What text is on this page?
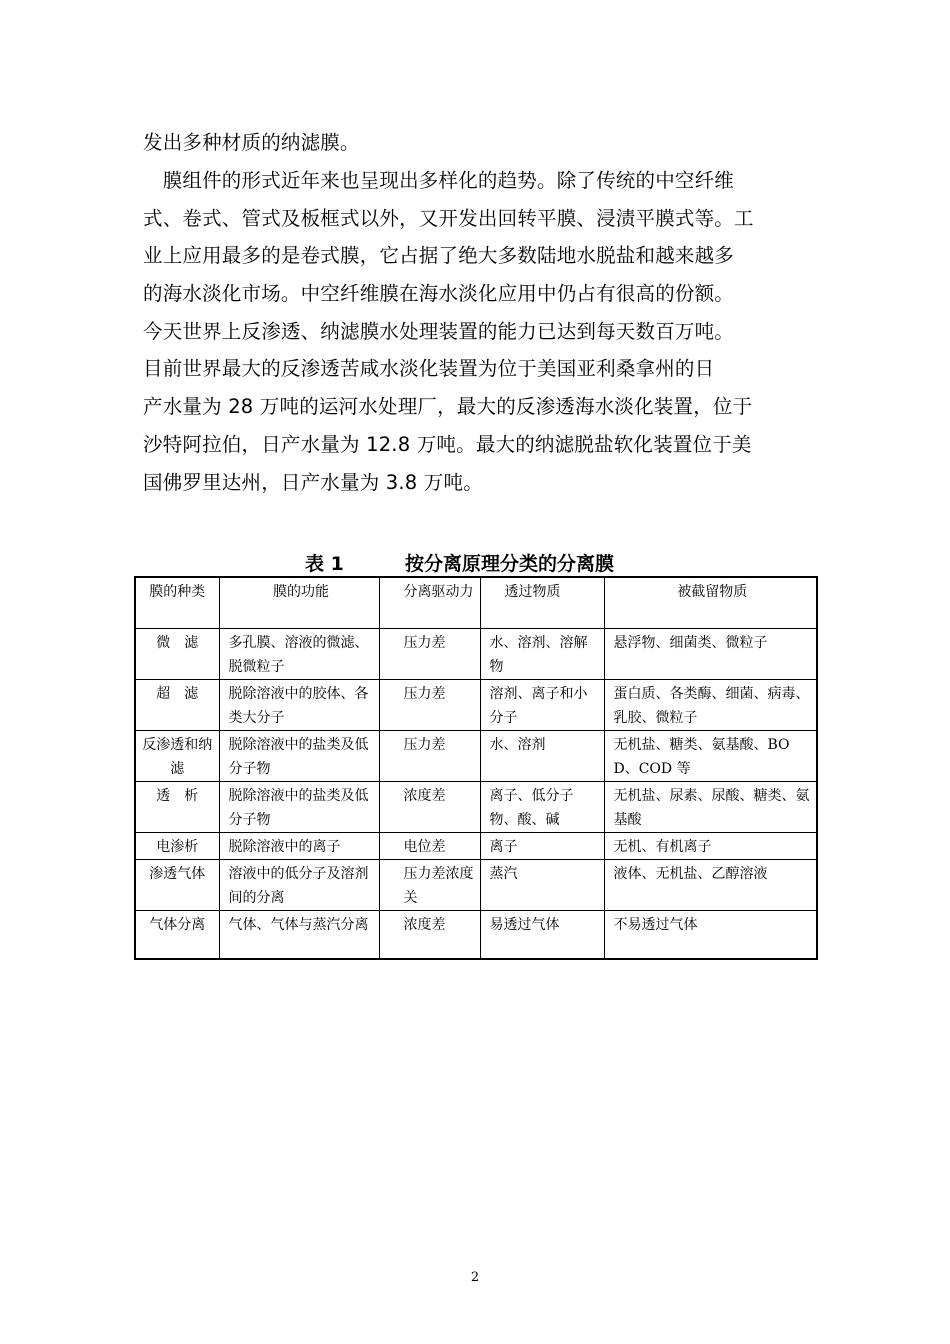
发出多种材质的纳滤膜。
　膜组件的形式近年来也呈现出多样化的趋势。除了传统的中空纤维
式、卷式、管式及板框式以外，又开发出回转平膜、浸渍平膜式等。工
业上应用最多的是卷式膜，它占据了绝大多数陆地水脱盐和越来越多
的海水淡化市场。中空纤维膜在海水淡化应用中仍占有很高的份额。
今天世界上反渗透、纳滤膜水处理装置的能力已达到每天数百万吨。
目前世界最大的反渗透苦咸水淡化装置为位于美国亚利桑拿州的日
产水量为 28 万吨的运河水处理厂，最大的反渗透海水淡化装置，位于
沙特阿拉伯，日产水量为 12.8 万吨。最大的纳滤脱盐软化装置位于美
国佛罗里达州，日产水量为 3.8 万吨。
表 1	按分离原理分类的分离膜
膜的种类	膜的功能	分离驱动力	透过物质	被截留物质
微　滤	多孔膜、溶液的微滤、脱微粒子	压力差	水、溶剂、溶解物	悬浮物、细菌类、微粒子
超　滤	脱除溶液中的胶体、各类大分子	压力差	溶剂、离子和小分子	蛋白质、各类酶、细菌、病毒、乳胶、微粒子
反渗透和纳滤	脱除溶液中的盐类及低分子物	压力差	水、溶剂	无机盐、糖类、氨基酸、BOD、COD 等
透　析	脱除溶液中的盐类及低分子物	浓度差	离子、低分子物、酸、碱	无机盐、尿素、尿酸、糖类、氨基酸
电渗析	脱除溶液中的离子	电位差	离子	无机、有机离子
渗透气体	溶液中的低分子及溶剂间的分离	压力差浓度关	蒸汽	液体、无机盐、乙醇溶液
气体分离	气体、气体与蒸汽分离	浓度差	易透过气体	不易透过气体
2
